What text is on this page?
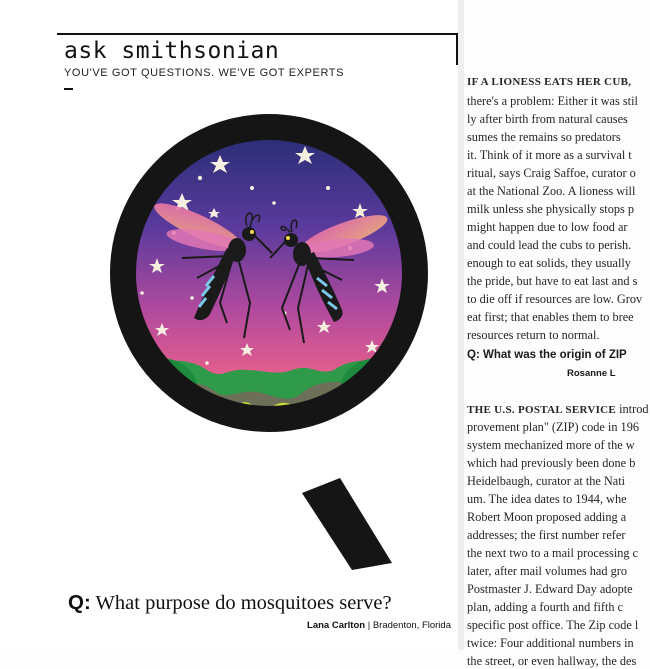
ask smithsonian
YOU'VE GOT QUESTIONS. WE'VE GOT EXPERTS
Q: What purpose do mosquitoes serve?
Lana Carlton | Bradenton, Florida
IF A LIONESS EATS HER CUB,
there's a problem: Either it was stil
ly after birth from natural causes
sumes the remains so predators
it. Think of it more as a survival t
ritual, says Craig Saffoe, curator o
at the National Zoo. A lioness will
milk unless she physically stops p
might happen due to low food ar
and could lead the cubs to perish.
enough to eat solids, they usually
the pride, but have to eat last and s
to die off if resources are low. Grov
eat first; that enables them to bree
resources return to normal.
Q: What was the origin of ZIP
Rosanne L
THE U.S. POSTAL SERVICE introd
provement plan" (ZIP) code in 196
system mechanized more of the w
which had previously been done b
Heidelbaugh, curator at the Nati
um. The idea dates to 1944, whe
Robert Moon proposed adding a
addresses; the first number refer
the next two to a mail processing c
later, after mail volumes had gro
Postmaster J. Edward Day adopte
plan, adding a fourth and fifth c
specific post office. The Zip code l
twice: Four additional numbers in
the street, or even hallway, the des
